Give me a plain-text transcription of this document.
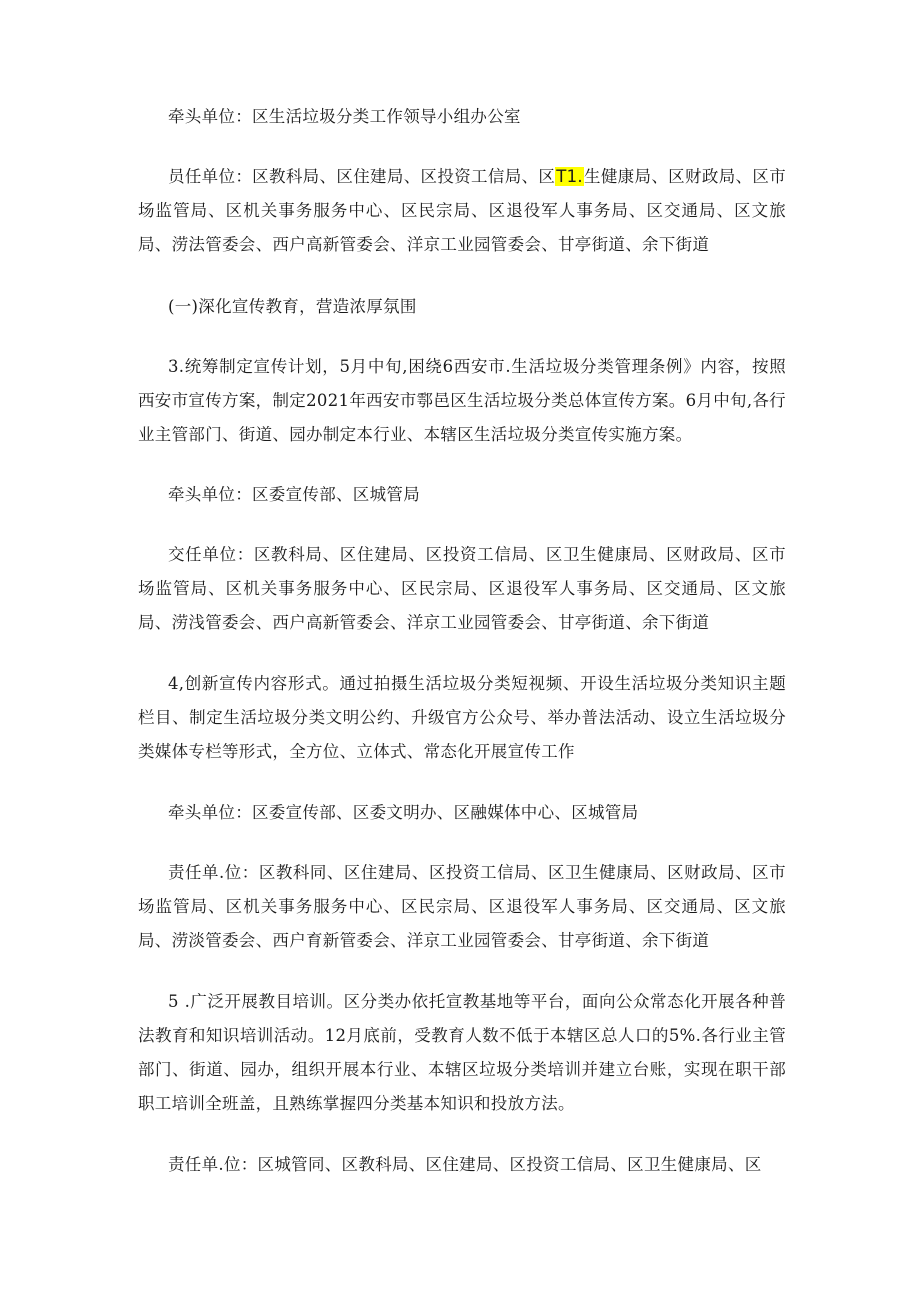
牵头单位：区生活垃圾分类工作领导小组办公室

员任单位：区教科局、区住建局、区投资工信局、区T1.生健康局、区财政局、区市场监管局、区机关事务服务中心、区民宗局、区退役军人事务局、区交通局、区文旅局、涝法管委会、西户高新管委会、洋京工业园管委会、甘亭街道、余下街道

(一)深化宣传教育，营造浓厚氛围

3.统筹制定宣传计划，5月中旬,困绕6西安市.生活垃圾分类管理条例》内容，按照西安市宣传方案，制定2021年西安市鄠邑区生活垃圾分类总体宣传方案。6月中旬,各行业主管部门、街道、园办制定本行业、本辖区生活垃圾分类宣传实施方案。

牵头单位：区委宣传部、区城管局

交任单位：区教科局、区住建局、区投资工信局、区卫生健康局、区财政局、区市场监管局、区机关事务服务中心、区民宗局、区退役军人事务局、区交通局、区文旅局、涝浅管委会、西户高新管委会、洋京工业园管委会、甘亭街道、余下街道

4,创新宣传内容形式。通过拍摄生活垃圾分类短视频、开设生活垃圾分类知识主题栏目、制定生活垃圾分类文明公约、升级官方公众号、举办普法活动、设立生活垃圾分类媒体专栏等形式，全方位、立体式、常态化开展宣传工作

牵头单位：区委宣传部、区委文明办、区融媒体中心、区城管局

责任单.位：区教科同、区住建局、区投资工信局、区卫生健康局、区财政局、区市场监管局、区机关事务服务中心、区民宗局、区退役军人事务局、区交通局、区文旅局、涝淡管委会、西户育新管委会、洋京工业园管委会、甘亭街道、余下街道

5 .广泛开展教目培训。区分类办依托宣教基地等平台，面向公众常态化开展各种普法教育和知识培训活动。12月底前，受教育人数不低于本辖区总人口的5%.各行业主管部门、街道、园办，组织开展本行业、本辖区垃圾分类培训并建立台账，实现在职干部职工培训全班盖，且熟练掌握四分类基本知识和投放方法。

责任单.位：区城管同、区教科局、区住建局、区投资工信局、区卫生健康局、区
